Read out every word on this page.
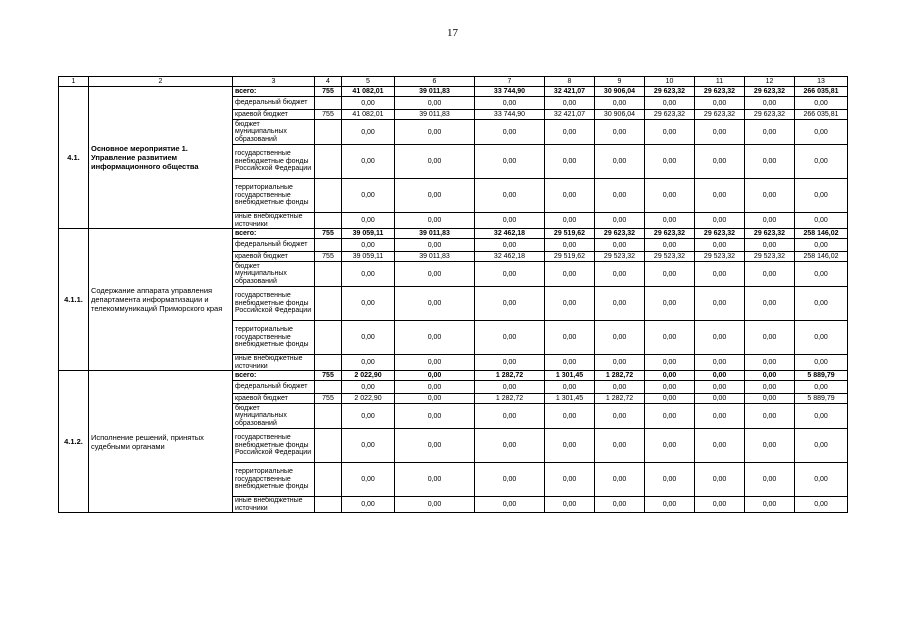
17
1	2	3	4	5	6	7	8	9	10	11	12	13
4.1.	Основное мероприятие 1. Управление развитием информационного общества	всего:	755	41 082,01	39 011,83	33 744,90	32 421,07	30 906,04	29 623,32	29 623,32	29 623,32	266 035,81
		федеральный бюджет		0,00	0,00	0,00	0,00	0,00	0,00	0,00	0,00	0,00
		краевой бюджет	755	41 082,01	39 011,83	33 744,90	32 421,07	30 906,04	29 623,32	29 623,32	29 623,32	266 035,81
		бюджет муниципальных образований		0,00	0,00	0,00	0,00	0,00	0,00	0,00	0,00	0,00
		государственные внебюджетные фонды Российской Федерации		0,00	0,00	0,00	0,00	0,00	0,00	0,00	0,00	0,00
		территориальные государственные внебюджетные фонды		0,00	0,00	0,00	0,00	0,00	0,00	0,00	0,00	0,00
		иные внебюджетные источники		0,00	0,00	0,00	0,00	0,00	0,00	0,00	0,00	0,00
4.1.1.	Содержание аппарата управления департамента информатизации и телекоммуникаций Приморского края	всего:	755	39 059,11	39 011,83	32 462,18	29 519,62	29 623,32	29 623,32	29 623,32	29 623,32	258 146,02
		федеральный бюджет		0,00	0,00	0,00	0,00	0,00	0,00	0,00	0,00	0,00
		краевой бюджет	755	39 059,11	39 011,83	32 462,18	29 519,62	29 523,32	29 523,32	29 523,32	29 523,32	258 146,02
		бюджет муниципальных образований		0,00	0,00	0,00	0,00	0,00	0,00	0,00	0,00	0,00
		государственные внебюджетные фонды Российской Федерации		0,00	0,00	0,00	0,00	0,00	0,00	0,00	0,00	0,00
		территориальные государственные внебюджетные фонды		0,00	0,00	0,00	0,00	0,00	0,00	0,00	0,00	0,00
		иные внебюджетные источники		0,00	0,00	0,00	0,00	0,00	0,00	0,00	0,00	0,00
4.1.2.	Исполнение решений, принятых судебными органами	всего:	755	2 022,90	0,00	1 282,72	1 301,45	1 282,72	0,00	0,00	0,00	5 889,79
		федеральный бюджет		0,00	0,00	0,00	0,00	0,00	0,00	0,00	0,00	0,00
		краевой бюджет	755	2 022,90	0,00	1 282,72	1 301,45	1 282,72	0,00	0,00	0,00	5 889,79
		бюджет муниципальных образований		0,00	0,00	0,00	0,00	0,00	0,00	0,00	0,00	0,00
		государственные внебюджетные фонды Российской Федерации		0,00	0,00	0,00	0,00	0,00	0,00	0,00	0,00	0,00
		территориальные государственные внебюджетные фонды		0,00	0,00	0,00	0,00	0,00	0,00	0,00	0,00	0,00
		иные внебюджетные источники		0,00	0,00	0,00	0,00	0,00	0,00	0,00	0,00	0,00
